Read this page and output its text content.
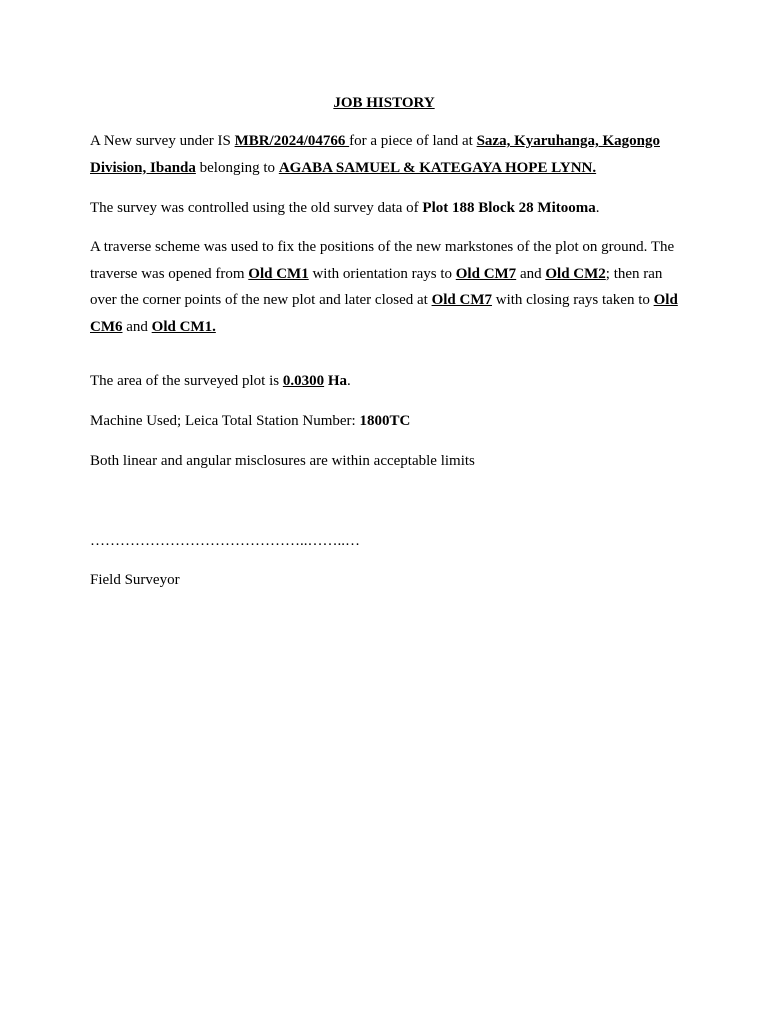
JOB HISTORY

A New survey under IS MBR/2024/04766 for a piece of land at Saza, Kyaruhanga, Kagongo Division, Ibanda belonging to AGABA SAMUEL & KATEGAYA HOPE LYNN.

The survey was controlled using the old survey data of Plot 188 Block 28 Mitooma.

A traverse scheme was used to fix the positions of the new markstones of the plot on ground. The traverse was opened from Old CM1 with orientation rays to Old CM7 and Old CM2; then ran over the corner points of the new plot and later closed at Old CM7 with closing rays taken to Old CM6 and Old CM1.

The area of the surveyed plot is 0.0300 Ha.

Machine Used; Leica Total Station Number: 1800TC

Both linear and angular misclosures are within acceptable limits

……………………………………..……..…

Field Surveyor
